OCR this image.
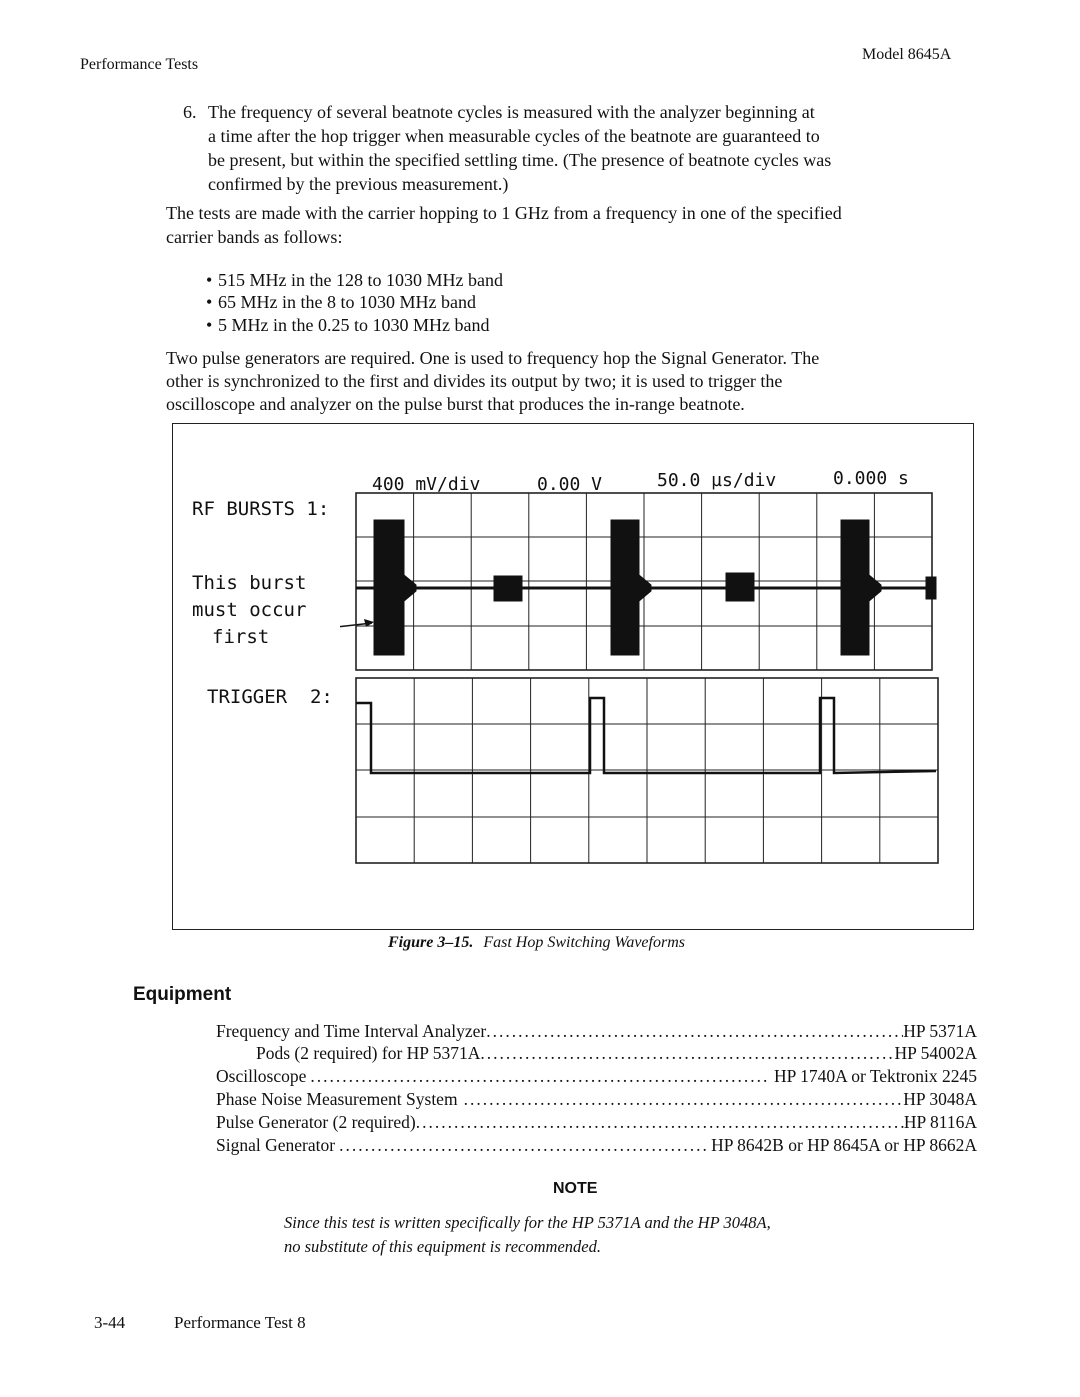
Performance Tests
Model 8645A
6. The frequency of several beatnote cycles is measured with the analyzer beginning at
a time after the hop trigger when measurable cycles of the beatnote are guaranteed to
be present, but within the specified settling time. (The presence of beatnote cycles was
confirmed by the previous measurement.)
The tests are made with the carrier hopping to 1 GHz from a frequency in one of the specified
carrier bands as follows:
• 515 MHz in the 128 to 1030 MHz band
• 65 MHz in the 8 to 1030 MHz band
• 5 MHz in the 0.25 to 1030 MHz band
Two pulse generators are required. One is used to frequency hop the Signal Generator. The
other is synchronized to the first and divides its output by two; it is used to trigger the
oscilloscope and analyzer on the pulse burst that produces the in-range beatnote.
400 mV/div	0.00 V	50.0 µs/div	0.000 s
RF BURSTS 1:
TRIGGER  2:
This burst
must occur
first
Figure 3–15. Fast Hop Switching Waveforms
Equipment
Frequency and Time Interval Analyzer .....	HP 5371A
Pods (2 required) for HP 5371A .....	HP 54002A
Oscilloscope .....	HP 1740A or Tektronix 2245
Phase Noise Measurement System .....	HP 3048A
Pulse Generator (2 required) .....	HP 8116A
Signal Generator .....	HP 8642B or HP 8645A or HP 8662A
NOTE
Since this test is written specifically for the HP 5371A and the HP 3048A,
no substitute of this equipment is recommended.
3-44	Performance Test 8
